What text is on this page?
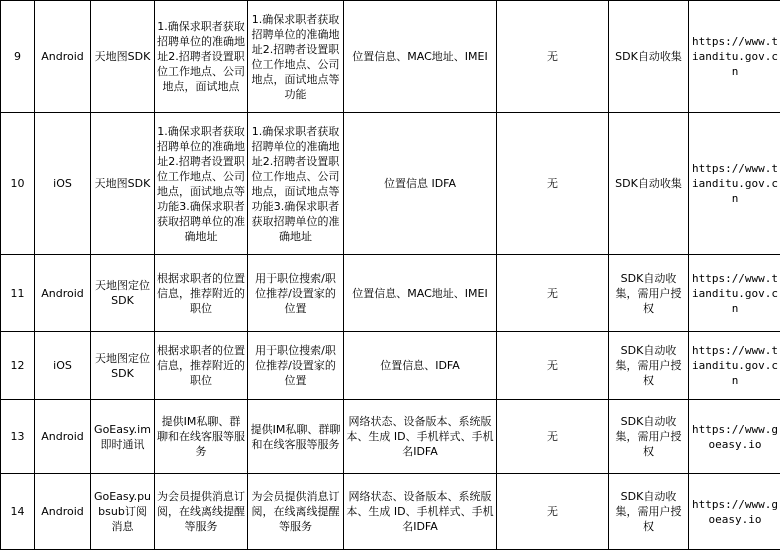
9	Android	天地图SDK	1.确保求职者获取招聘单位的准确地址2.招聘者设置职位工作地点、公司地点，面试地点	1.确保求职者获取招聘单位的准确地址2.招聘者设置职位工作地点、公司地点，面试地点等功能	位置信息、MAC地址、IMEI	无	SDK自动收集	https://www.tianditu.gov.cn
10	iOS	天地图SDK	1.确保求职者获取招聘单位的准确地址2.招聘者设置职位工作地点、公司地点，面试地点等功能3.确保求职者获取招聘单位的准确地址	1.确保求职者获取招聘单位的准确地址2.招聘者设置职位工作地点、公司地点，面试地点等功能3.确保求职者获取招聘单位的准确地址	位置信息 IDFA	无	SDK自动收集	https://www.tianditu.gov.cn
11	Android	天地图定位SDK	根据求职者的位置信息，推荐附近的职位	用于职位搜索/职位推荐/设置家的位置	位置信息、MAC地址、IMEI	无	SDK自动收集，需用户授权	https://www.tianditu.gov.cn
12	iOS	天地图定位SDK	根据求职者的位置信息，推荐附近的职位	用于职位搜索/职位推荐/设置家的位置	位置信息、IDFA	无	SDK自动收集，需用户授权	https://www.tianditu.gov.cn
13	Android	GoEasy.im即时通讯	提供IM私聊、群聊和在线客服等服务	提供IM私聊、群聊和在线客服等服务	网络状态、设备版本、系统版本、生成 ID、手机样式、手机名IDFA	无	SDK自动收集，需用户授权	https://www.goeasy.io
14	Android	GoEasy.pubsub订阅消息	为会员提供消息订阅，在线离线提醒等服务	为会员提供消息订阅，在线离线提醒等服务	网络状态、设备版本、系统版本、生成 ID、手机样式、手机名IDFA	无	SDK自动收集，需用户授权	https://www.goeasy.io
